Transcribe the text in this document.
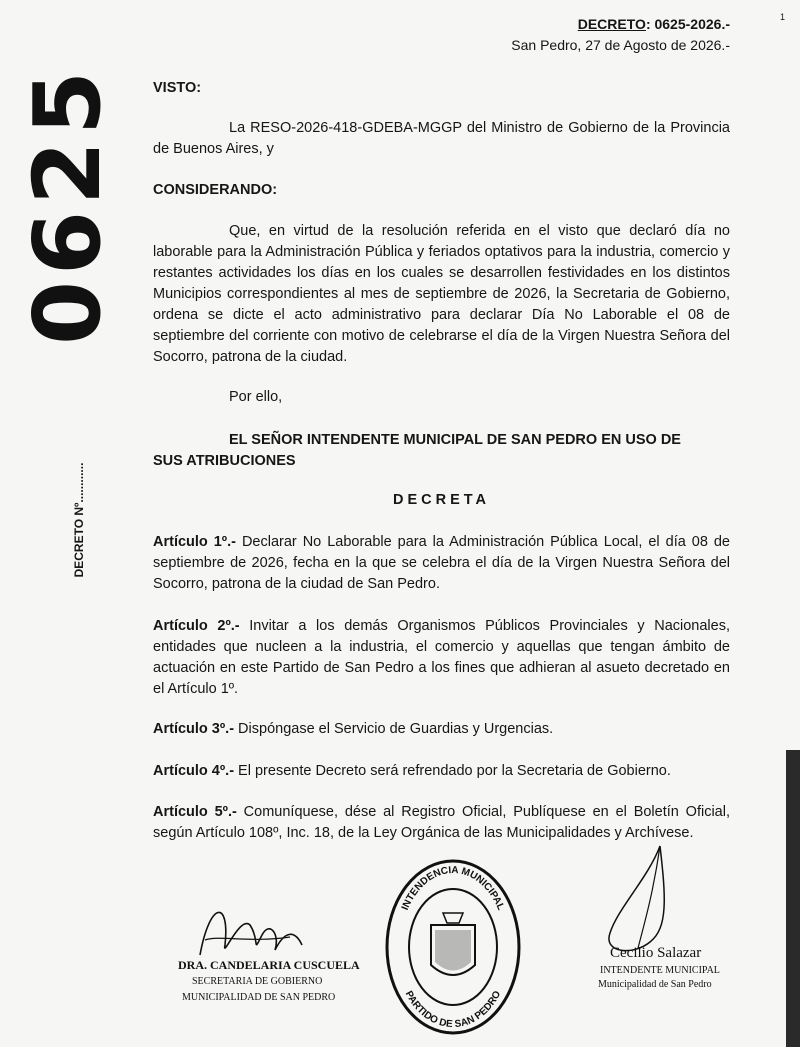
DECRETO: 0625-2026.-
San Pedro, 27 de Agosto de 2026.-
1
0625
DECRETO Nº............
VISTO:
La RESO-2026-418-GDEBA-MGGP del Ministro de Gobierno de la Provincia de Buenos Aires, y
CONSIDERANDO:
Que, en virtud de la resolución referida en el visto que declaró día no laborable para la Administración Pública y feriados optativos para la industria, comercio y restantes actividades los días en los cuales se desarrollen festividades en los distintos Municipios correspondientes al mes de septiembre de 2026, la Secretaria de Gobierno, ordena se dicte el acto administrativo para declarar Día No Laborable el 08 de septiembre del corriente con motivo de celebrarse el día de la Virgen Nuestra Señora del Socorro, patrona de la ciudad.
Por ello,
EL SEÑOR INTENDENTE MUNICIPAL DE SAN PEDRO EN USO DE
SUS ATRIBUCIONES
DECRETA
Artículo 1º.- Declarar No Laborable para la Administración Pública Local, el día 08 de septiembre de 2026, fecha en la que se celebra el día de la Virgen Nuestra Señora del Socorro, patrona de la ciudad de San Pedro.
Artículo 2º.- Invitar a los demás Organismos Públicos Provinciales y Nacionales, entidades que nucleen a la industria, el comercio y aquellas que tengan ámbito de actuación en este Partido de San Pedro a los fines que adhieran al asueto decretado en el Artículo 1º.
Artículo 3º.- Dispóngase el Servicio de Guardias y Urgencias.
Artículo 4º.- El presente Decreto será refrendado por la Secretaria de Gobierno.
Artículo 5º.- Comuníquese, dése al Registro Oficial, Publíquese en el Boletín Oficial, según Artículo 108º, Inc. 18, de la Ley Orgánica de las Municipalidades y Archívese.
DRA. CANDELARIA CUSCUELA
SECRETARIA DE GOBIERNO
MUNICIPALIDAD DE SAN PEDRO
INTENDENCIA MUNICIPAL
PARTIDO DE SAN PEDRO
Cecilio Salazar
INTENDENTE MUNICIPAL
Municipalidad de San Pedro
